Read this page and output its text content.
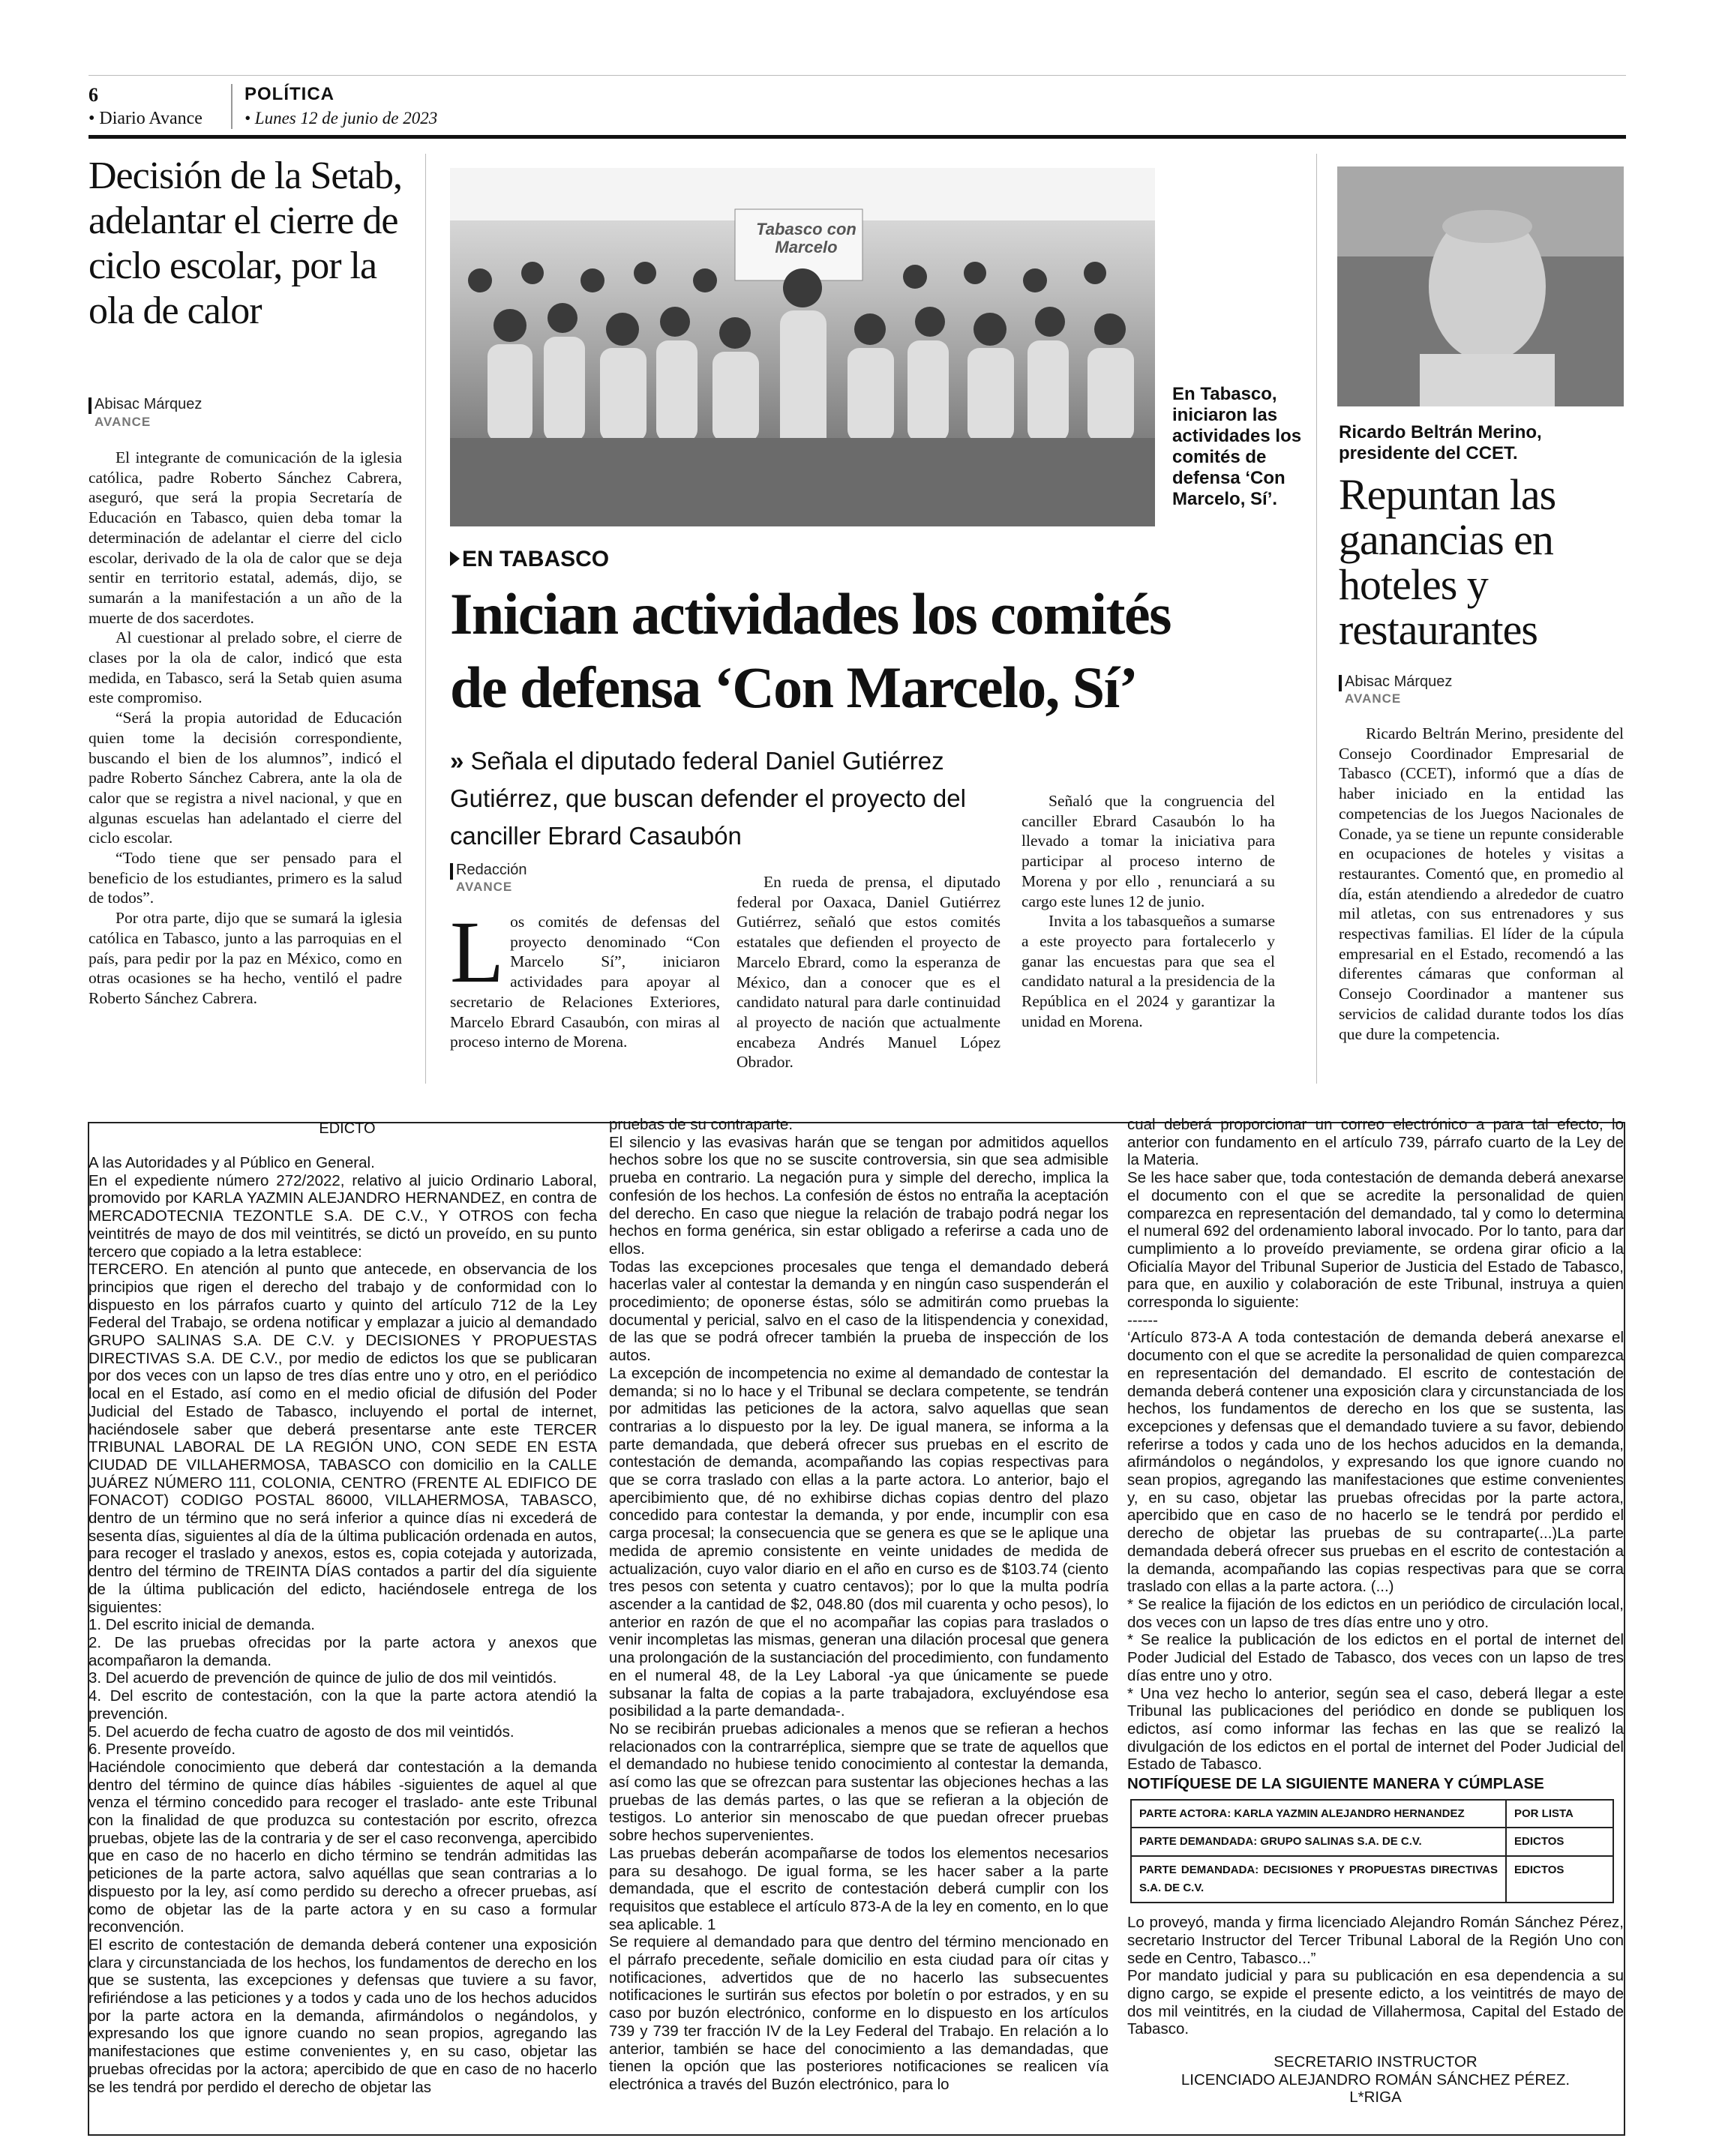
6
• Diario Avance
POLÍTICA
• Lunes 12 de junio de 2023
Decisión de la Setab, adelantar el cierre de ciclo escolar, por la ola de calor
Abisac Márquez
AVANCE

El integrante de comunicación de la iglesia católica, padre Roberto Sánchez Cabrera, aseguró, que será la propia Secretaría de Educación en Tabasco, quien deba tomar la determinación de adelantar el cierre del ciclo escolar, derivado de la ola de calor que se deja sentir en territorio estatal, además, dijo, se sumarán a la manifestación a un año de la muerte de dos sacerdotes.

Al cuestionar al prelado sobre, el cierre de clases por la ola de calor, indicó que esta medida, en Tabasco, será la Setab quien asuma este compromiso.

“Será la propia autoridad de Educación quien tome la decisión correspondiente, buscando el bien de los alumnos”, indicó el padre Roberto Sánchez Cabrera, ante la ola de calor que se registra a nivel nacional, y que en algunas escuelas han adelantado el cierre del ciclo escolar.

“Todo tiene que ser pensado para el beneficio de los estudiantes, primero es la salud de todos”.

Por otra parte, dijo que se sumará la iglesia católica en Tabasco, junto a las parroquias en el país, para pedir por la paz en México, como en otras ocasiones se ha hecho, ventiló el padre Roberto Sánchez Cabrera.

Tabasco con Marcelo
En Tabasco, iniciaron las actividades los comités de defensa ‘Con Marcelo, Sí’.
EN TABASCO
Inician actividades los comités
de defensa ‘Con Marcelo, Sí’
» Señala el diputado federal Daniel Gutiérrez Gutiérrez, que buscan defender el proyecto del canciller Ebrard Casaubón
Redacción
AVANCE
L os comités de defensas del proyecto denominado “Con Marcelo Sí”, iniciaron actividades para apoyar al secretario de Relaciones Exteriores, Marcelo Ebrard Casaubón, con miras al proceso interno de Morena.

En rueda de prensa, el diputado federal por Oaxaca, Daniel Gutiérrez Gutiérrez, señaló que estos comités estatales que defienden el proyecto de Marcelo Ebrard, como la esperanza de México, dan a conocer que es el candidato natural para darle continuidad al proyecto de nación que actualmente encabeza Andrés Manuel López Obrador.

Señaló que la congruencia del canciller Ebrard Casaubón lo ha llevado a tomar la iniciativa para participar al proceso interno de Morena y por ello , renunciará a su cargo este lunes 12 de junio.

Invita a los tabasqueños a sumarse a este proyecto para fortalecerlo y ganar las encuestas para que sea el candidato natural a la presidencia de la República en el 2024 y garantizar la unidad en Morena.

Ricardo Beltrán Merino, presidente del CCET.
Repuntan las ganancias en hoteles y restaurantes
Abisac Márquez
AVANCE

Ricardo Beltrán Merino, presidente del Consejo Coordinador Empresarial de Tabasco (CCET), informó que a días de haber iniciado en la entidad las competencias de los Juegos Nacionales de Conade, ya se tiene un repunte considerable en ocupaciones de hoteles y visitas a restaurantes. Comentó que, en promedio al día, están atendiendo a alrededor de cuatro mil atletas, con sus entrenadores y sus respectivas familias. El líder de la cúpula empresarial en el Estado, recomendó a las diferentes cámaras que conforman al Consejo Coordinador a mantener sus servicios de calidad durante todos los días que dure la competencia.

EDICTO
A las Autoridades y al Público en General.
En el expediente número 272/2022, relativo al juicio Ordinario Laboral, promovido por KARLA YAZMIN ALEJANDRO HERNANDEZ, en contra de MERCADOTECNIA TEZONTLE S.A. DE C.V., Y OTROS con fecha veintitrés de mayo de dos mil veintitrés, se dictó un proveído, en su punto tercero que copiado a la letra establece:
TERCERO. En atención al punto que antecede, en observancia de los principios que rigen el derecho del trabajo y de conformidad con lo dispuesto en los párrafos cuarto y quinto del artículo 712 de la Ley Federal del Trabajo, se ordena notificar y emplazar a juicio al demandado GRUPO SALINAS S.A. DE C.V. y DECISIONES Y PROPUESTAS DIRECTIVAS S.A. DE C.V., por medio de edictos los que se publicaran por dos veces con un lapso de tres días entre uno y otro, en el periódico local en el Estado, así como en el medio oficial de difusión del Poder Judicial del Estado de Tabasco, incluyendo el portal de internet, haciéndosele saber que deberá presentarse ante este TERCER TRIBUNAL LABORAL DE LA REGIÓN UNO, CON SEDE EN ESTA CIUDAD DE VILLAHERMOSA, TABASCO con domicilio en la CALLE JUÁREZ NÚMERO 111, COLONIA, CENTRO (FRENTE AL EDIFICO DE FONACOT) CODIGO POSTAL 86000, VILLAHERMOSA, TABASCO, dentro de un término que no será inferior a quince días ni excederá de sesenta días, siguientes al día de la última publicación ordenada en autos, para recoger el traslado y anexos, estos es, copia cotejada y autorizada, dentro del término de TREINTA DÍAS contados a partir del día siguiente de la última publicación del edicto, haciéndosele entrega de los siguientes:
1. Del escrito inicial de demanda.
2. De las pruebas ofrecidas por la parte actora y anexos que acompañaron la demanda.
3. Del acuerdo de prevención de quince de julio de dos mil veintidós.
4. Del escrito de contestación, con la que la parte actora atendió la prevención.
5. Del acuerdo de fecha cuatro de agosto de dos mil veintidós.
6. Presente proveído.
Haciéndole conocimiento que deberá dar contestación a la demanda dentro del término de quince días hábiles -siguientes de aquel al que venza el término concedido para recoger el traslado- ante este Tribunal con la finalidad de que produzca su contestación por escrito, ofrezca pruebas, objete las de la contraria y de ser el caso reconvenga, apercibido que en caso de no hacerlo en dicho término se tendrán admitidas las peticiones de la parte actora, salvo aquéllas que sean contrarias a lo dispuesto por la ley, así como perdido su derecho a ofrecer pruebas, así como de objetar las de la parte actora y en su caso a formular reconvención.
El escrito de contestación de demanda deberá contener una exposición clara y circunstanciada de los hechos, los fundamentos de derecho en los que se sustenta, las excepciones y defensas que tuviere a su favor, refiriéndose a las peticiones y a todos y cada uno de los hechos aducidos por la parte actora en la demanda, afirmándolos o negándolos, y expresando los que ignore cuando no sean propios, agregando las manifestaciones que estime convenientes y, en su caso, objetar las pruebas ofrecidas por la actora; apercibido de que en caso de no hacerlo se les tendrá por perdido el derecho de objetar las
pruebas de su contraparte.
El silencio y las evasivas harán que se tengan por admitidos aquellos hechos sobre los que no se suscite controversia, sin que sea admisible prueba en contrario. La negación pura y simple del derecho, implica la confesión de los hechos. La confesión de éstos no entraña la aceptación del derecho. En caso que niegue la relación de trabajo podrá negar los hechos en forma genérica, sin estar obligado a referirse a cada uno de ellos.
Todas las excepciones procesales que tenga el demandado deberá hacerlas valer al contestar la demanda y en ningún caso suspenderán el procedimiento; de oponerse éstas, sólo se admitirán como pruebas la documental y pericial, salvo en el caso de la litispendencia y conexidad, de las que se podrá ofrecer también la prueba de inspección de los autos.
La excepción de incompetencia no exime al demandado de contestar la demanda; si no lo hace y el Tribunal se declara competente, se tendrán por admitidas las peticiones de la actora, salvo aquellas que sean contrarias a lo dispuesto por la ley. De igual manera, se informa a la parte demandada, que deberá ofrecer sus pruebas en el escrito de contestación de demanda, acompañando las copias respectivas para que se corra traslado con ellas a la parte actora. Lo anterior, bajo el apercibimiento que, dé no exhibirse dichas copias dentro del plazo concedido para contestar la demanda, y por ende, incumplir con esa carga procesal; la consecuencia que se genera es que se le aplique una medida de apremio consistente en veinte unidades de medida de actualización, cuyo valor diario en el año en curso es de $103.74 (ciento tres pesos con setenta y cuatro centavos); por lo que la multa podría ascender a la cantidad de $2, 048.80 (dos mil cuarenta y ocho pesos), lo anterior en razón de que el no acompañar las copias para traslados o venir incompletas las mismas, generan una dilación procesal que genera una prolongación de la sustanciación del procedimiento, con fundamento en el numeral 48, de la Ley Laboral -ya que únicamente se puede subsanar la falta de copias a la parte trabajadora, excluyéndose esa posibilidad a la parte demandada-.
No se recibirán pruebas adicionales a menos que se refieran a hechos relacionados con la contrarréplica, siempre que se trate de aquellos que el demandado no hubiese tenido conocimiento al contestar la demanda, así como las que se ofrezcan para sustentar las objeciones hechas a las pruebas de las demás partes, o las que se refieran a la objeción de testigos. Lo anterior sin menoscabo de que puedan ofrecer pruebas sobre hechos supervenientes.
Las pruebas deberán acompañarse de todos los elementos necesarios para su desahogo. De igual forma, se les hacer saber a la parte demandada, que el escrito de contestación deberá cumplir con los requisitos que establece el artículo 873-A de la ley en comento, en lo que sea aplicable. 1
Se requiere al demandado para que dentro del término mencionado en el párrafo precedente, señale domicilio en esta ciudad para oír citas y notificaciones, advertidos que de no hacerlo las subsecuentes notificaciones le surtirán sus efectos por boletín o por estrados, y en su caso por buzón electrónico, conforme en lo dispuesto en los artículos 739 y 739 ter fracción IV de la Ley Federal del Trabajo. En relación a lo anterior, también se hace del conocimiento a las demandadas, que tienen la opción que las posteriores notificaciones se realicen vía electrónica a través del Buzón electrónico, para lo
cual deberá proporcionar un correo electrónico a para tal efecto, lo anterior con fundamento en el artículo 739, párrafo cuarto de la Ley de la Materia.
Se les hace saber que, toda contestación de demanda deberá anexarse el documento con el que se acredite la personalidad de quien comparezca en representación del demandado, tal y como lo determina el numeral 692 del ordenamiento laboral invocado. Por lo tanto, para dar cumplimiento a lo proveído previamente, se ordena girar oficio a la Oficialía Mayor del Tribunal Superior de Justicia del Estado de Tabasco, para que, en auxilio y colaboración de este Tribunal, instruya a quien corresponda lo siguiente:
------
‘Artículo 873-A A toda contestación de demanda deberá anexarse el documento con el que se acredite la personalidad de quien comparezca en representación del demandado. El escrito de contestación de demanda deberá contener una exposición clara y circunstanciada de los hechos, los fundamentos de derecho en los que se sustenta, las excepciones y defensas que el demandado tuviere a su favor, debiendo referirse a todos y cada uno de los hechos aducidos en la demanda, afirmándolos o negándolos, y expresando los que ignore cuando no sean propios, agregando las manifestaciones que estime convenientes y, en su caso, objetar las pruebas ofrecidas por la parte actora, apercibido que en caso de no hacerlo se le tendrá por perdido el derecho de objetar las pruebas de su contraparte(...)La parte demandada deberá ofrecer sus pruebas en el escrito de contestación a la demanda, acompañando las copias respectivas para que se corra traslado con ellas a la parte actora. (...)
* Se realice la fijación de los edictos en un periódico de circulación local, dos veces con un lapso de tres días entre uno y otro.
* Se realice la publicación de los edictos en el portal de internet del Poder Judicial del Estado de Tabasco, dos veces con un lapso de tres días entre uno y otro.
* Una vez hecho lo anterior, según sea el caso, deberá llegar a este Tribunal las publicaciones del periódico en donde se publiquen los edictos, así como informar las fechas en las que se realizó la divulgación de los edictos en el portal de internet del Poder Judicial del Estado de Tabasco.
NOTIFÍQUESE DE LA SIGUIENTE MANERA Y CÚMPLASE
PARTE ACTORA: KARLA YAZMIN ALEJANDRO HERNANDEZ	POR LISTA
PARTE DEMANDADA: GRUPO SALINAS S.A. DE C.V.	EDICTOS
PARTE DEMANDADA: DECISIONES Y PROPUESTAS DIRECTIVAS S.A. DE C.V.	EDICTOS
Lo proveyó, manda y firma licenciado Alejandro Román Sánchez Pérez, secretario Instructor del Tercer Tribunal Laboral de la Región Uno con sede en Centro, Tabasco...”
Por mandato judicial y para su publicación en esa dependencia a su digno cargo, se expide el presente edicto, a los veintitrés de mayo de dos mil veintitrés, en la ciudad de Villahermosa, Capital del Estado de Tabasco.
SECRETARIO INSTRUCTOR
LICENCIADO ALEJANDRO ROMÁN SÁNCHEZ PÉREZ.
L*RIGA
